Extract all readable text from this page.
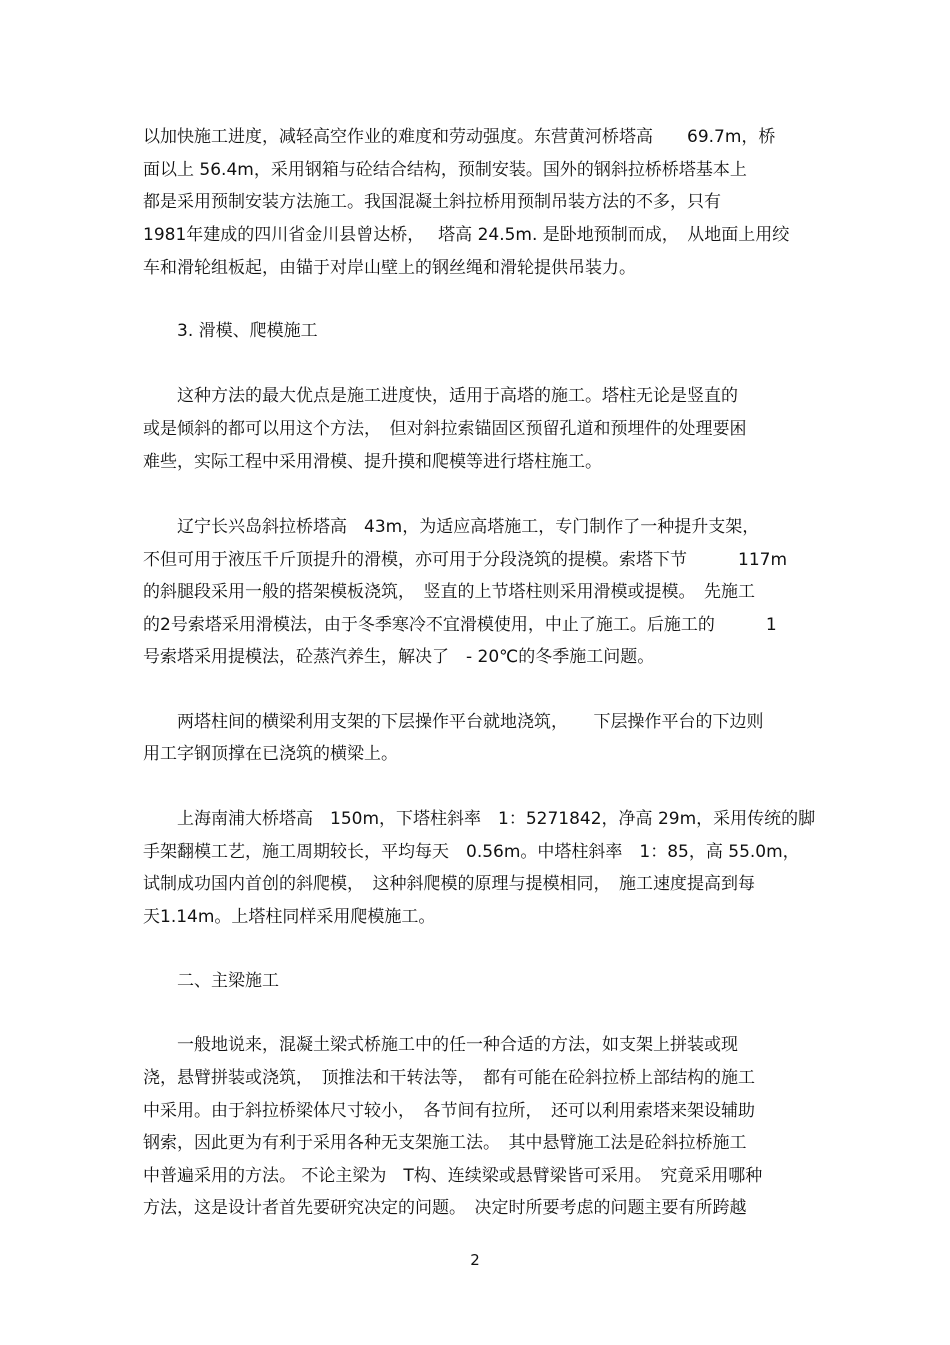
以加快施工进度，减轻高空作业的难度和劳动强度。东营黄河桥塔高　　69.7m，桥

面以上 56.4m，采用钢箱与砼结合结构，预制安装。国外的钢斜拉桥桥塔基本上

都是采用预制安装方法施工。我国混凝土斜拉桥用预制吊装方法的不多，只有

1981年建成的四川省金川县曾达桥，　 塔高 24.5m. 是卧地预制而成，　从地面上用绞

车和滑轮组板起，由锚于对岸山壁上的钢丝绳和滑轮提供吊装力。

3. 滑模、爬模施工

这种方法的最大优点是施工进度快，适用于高塔的施工。塔柱无论是竖直的

或是倾斜的都可以用这个方法，　但对斜拉索锚固区预留孔道和预埋件的处理要困

难些，实际工程中采用滑模、提升摸和爬模等进行塔柱施工。

辽宁长兴岛斜拉桥塔高　43m，为适应高塔施工，专门制作了一种提升支架，

不但可用于液压千斤顶提升的滑模，亦可用于分段浇筑的提模。索塔下节　　　117m

的斜腿段采用一般的搭架模板浇筑，　竖直的上节塔柱则采用滑模或提模。　先施工

的2号索塔采用滑模法，由于冬季寒冷不宜滑模使用，中止了施工。后施工的　　　1

号索塔采用提模法，砼蒸汽养生，解决了　- 20℃的冬季施工问题。

两塔柱间的横梁利用支架的下层操作平台就地浇筑，　　下层操作平台的下边则

用工字钢顶撑在已浇筑的横梁上。

上海南浦大桥塔高　150m，下塔柱斜率　1：5271842，净高 29m，采用传统的脚

手架翻模工艺，施工周期较长，平均每天　0.56m。中塔柱斜率　1：85，高 55.0m，

试制成功国内首创的斜爬模，　这种斜爬模的原理与提模相同，　施工速度提高到每

天1.14m。上塔柱同样采用爬模施工。

二、主梁施工

一般地说来，混凝土梁式桥施工中的任一种合适的方法，如支架上拼装或现

浇，悬臂拼装或浇筑，　顶推法和干转法等，　都有可能在砼斜拉桥上部结构的施工

中采用。由于斜拉桥梁体尺寸较小，　各节间有拉所，　还可以利用索塔来架设辅助

钢索，因此更为有利于采用各种无支架施工法。　其中悬臂施工法是砼斜拉桥施工

中普遍采用的方法。 不论主梁为　T构、连续梁或悬臂梁皆可采用。　究竟采用哪种

方法，这是设计者首先要研究决定的问题。　决定时所要考虑的问题主要有所跨越

2
